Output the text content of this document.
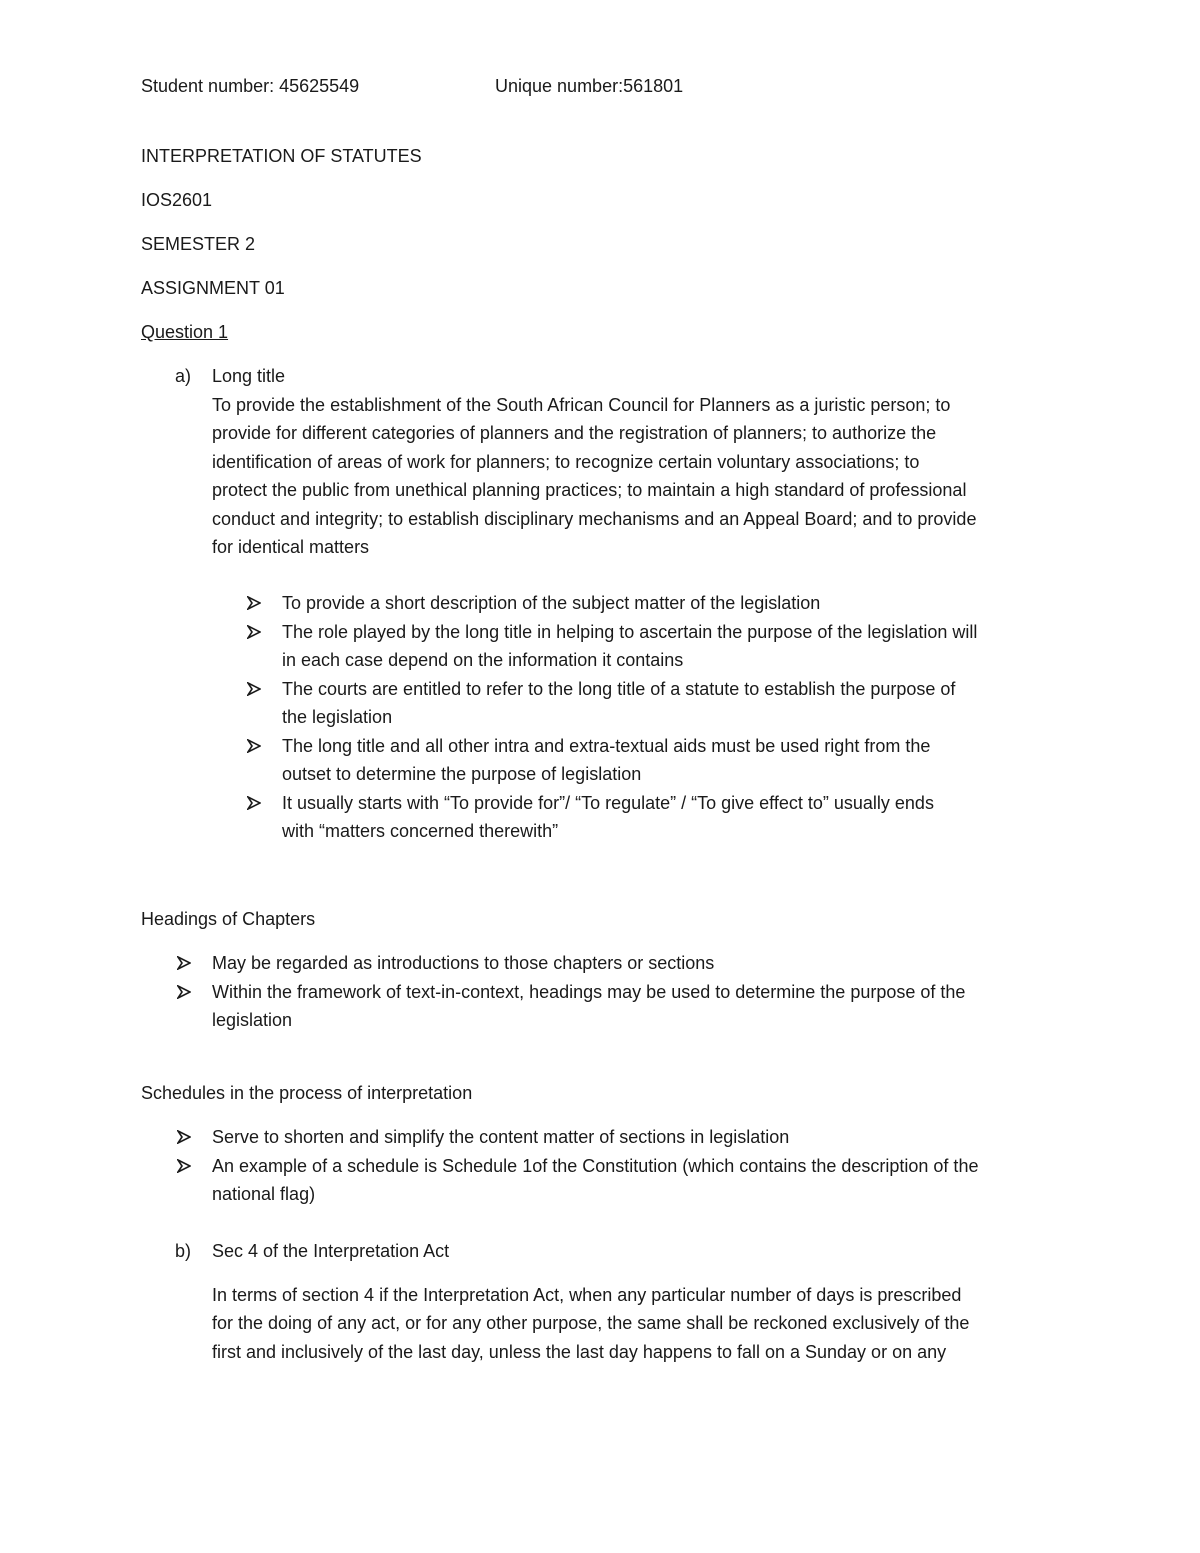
Student number: 45625549	Unique number:561801
INTERPRETATION OF STATUTES
IOS2601
SEMESTER 2
ASSIGNMENT 01
Question 1
a) Long title
To provide the establishment of the South African Council for Planners as a juristic person; to
provide for different categories of planners and the registration of planners; to authorize the
identification of areas of work for planners; to recognize certain voluntary associations; to
protect the public from unethical planning practices; to maintain a high standard of professional
conduct and integrity; to establish disciplinary mechanisms and an Appeal Board; and to provide
for identical matters
To provide a short description of the subject matter of the legislation
The role played by the long title in helping to ascertain the purpose of the legislation will
in each case depend on the information it contains
The courts are entitled to refer to the long title of a statute to establish the purpose of
the legislation
The long title and all other intra and extra-textual aids must be used right from the
outset to determine the purpose of legislation
It usually starts with “To provide for”/ “To regulate” / “To give effect to” usually ends
with “matters concerned therewith”
Headings of Chapters
May be regarded as introductions to those chapters or sections
Within the framework of text-in-context, headings may be used to determine the purpose of the
legislation
Schedules in the process of interpretation
Serve to shorten and simplify the content matter of sections in legislation
An example of a schedule is Schedule 1of the Constitution (which contains the description of the
national flag)
b) Sec 4 of the Interpretation Act
In terms of section 4 if the Interpretation Act, when any particular number of days is prescribed
for the doing of any act, or for any other purpose, the same shall be reckoned exclusively of the
first and inclusively of the last day, unless the last day happens to fall on a Sunday or on any
